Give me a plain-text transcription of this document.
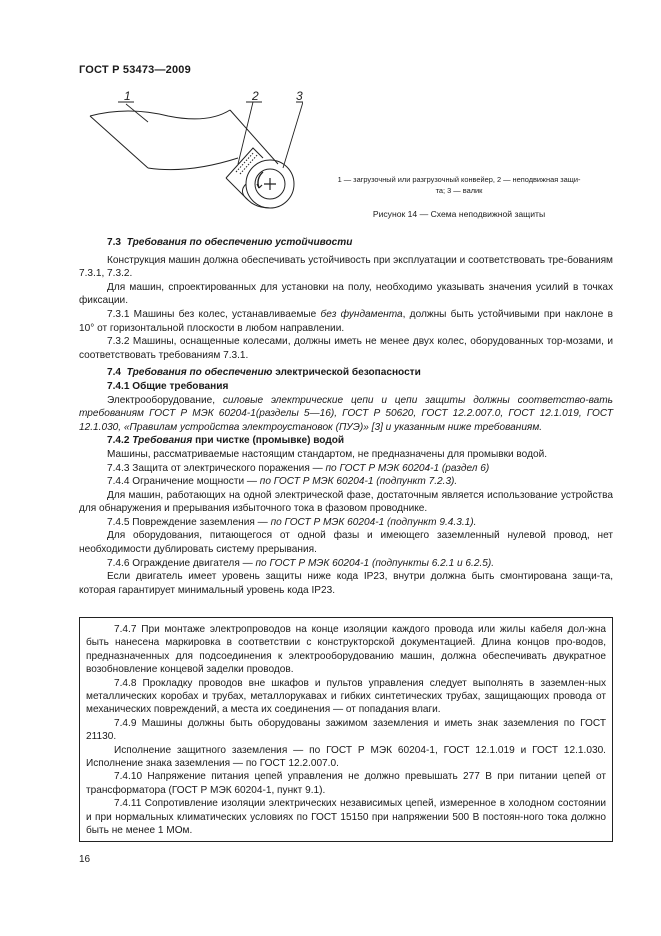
ГОСТ Р 53473—2009
1	2	3
1 — загрузочный или разгрузочный конвейер, 2 — неподвижная защи-
та; 3 — валик
Рисунок 14 — Схема неподвижной защиты

7.3 Требования по обеспечению устойчивости

Конструкция машин должна обеспечивать устойчивость при эксплуатации и соответствовать тре-бованиям 7.3.1, 7.3.2.

Для машин, спроектированных для установки на полу, необходимо указывать значения усилий в точках фиксации.

7.3.1 Машины без колес, устанавливаемые без фундамента, должны быть устойчивыми при наклоне в 10° от горизонтальной плоскости в любом направлении.

7.3.2 Машины, оснащенные колесами, должны иметь не менее двух колес, оборудованных тор-мозами, и соответствовать требованиям 7.3.1.

7.4 Требования по обеспечению электрической безопасности

7.4.1 Общие требования

Электрооборудование, силовые электрические цепи и цепи защиты должны соответство-вать требованиям ГОСТ Р МЭК 60204-1(разделы 5—16), ГОСТ Р 50620, ГОСТ 12.2.007.0, ГОСТ 12.1.019, ГОСТ 12.1.030, «Правилам устройства электроустановок (ПУЭ)» [3] и указанным ниже требованиям.

7.4.2 Требования при чистке (промывке) водой

Машины, рассматриваемые настоящим стандартом, не предназначены для промывки водой.

7.4.3 Защита от электрического поражения — по ГОСТ Р МЭК 60204-1 (раздел 6)

7.4.4 Ограничение мощности — по ГОСТ Р МЭК 60204-1 (подпункт 7.2.3).

Для машин, работающих на одной электрической фазе, достаточным является использование устройства для обнаружения и прерывания избыточного тока в фазовом проводнике.

7.4.5 Повреждение заземления — по ГОСТ Р МЭК 60204-1 (подпункт 9.4.3.1).

Для оборудования, питающегося от одной фазы и имеющего заземленный нулевой провод, нет необходимости дублировать систему прерывания.

7.4.6 Ограждение двигателя — по ГОСТ Р МЭК 60204-1 (подпункты 6.2.1 и 6.2.5).

Если двигатель имеет уровень защиты ниже кода IP23, внутри должна быть смонтирована защи-та, которая гарантирует минимальный уровень кода IP23.

7.4.7 При монтаже электропроводов на конце изоляции каждого провода или жилы кабеля дол-жна быть нанесена маркировка в соответствии с конструкторской документацией. Длина концов про-водов, предназначенных для подсоединения к электрооборудованию машин, должна обеспечивать двукратное возобновление концевой заделки проводов.

7.4.8 Прокладку проводов вне шкафов и пультов управления следует выполнять в заземлен-ных металлических коробах и трубах, металлорукавах и гибких синтетических трубах, защищающих провода от механических повреждений, а места их соединения — от попадания влаги.

7.4.9 Машины должны быть оборудованы зажимом заземления и иметь знак заземления по ГОСТ 21130.

Исполнение защитного заземления — по ГОСТ Р МЭК 60204-1, ГОСТ 12.1.019 и ГОСТ 12.1.030. Исполнение знака заземления — по ГОСТ 12.2.007.0.

7.4.10 Напряжение питания цепей управления не должно превышать 277 В при питании цепей от трансформатора (ГОСТ Р МЭК 60204-1, пункт 9.1).

7.4.11 Сопротивление изоляции электрических независимых цепей, измеренное в холодном состоянии и при нормальных климатических условиях по ГОСТ 15150 при напряжении 500 В постоян-ного тока должно быть не менее 1 МОм.

16
